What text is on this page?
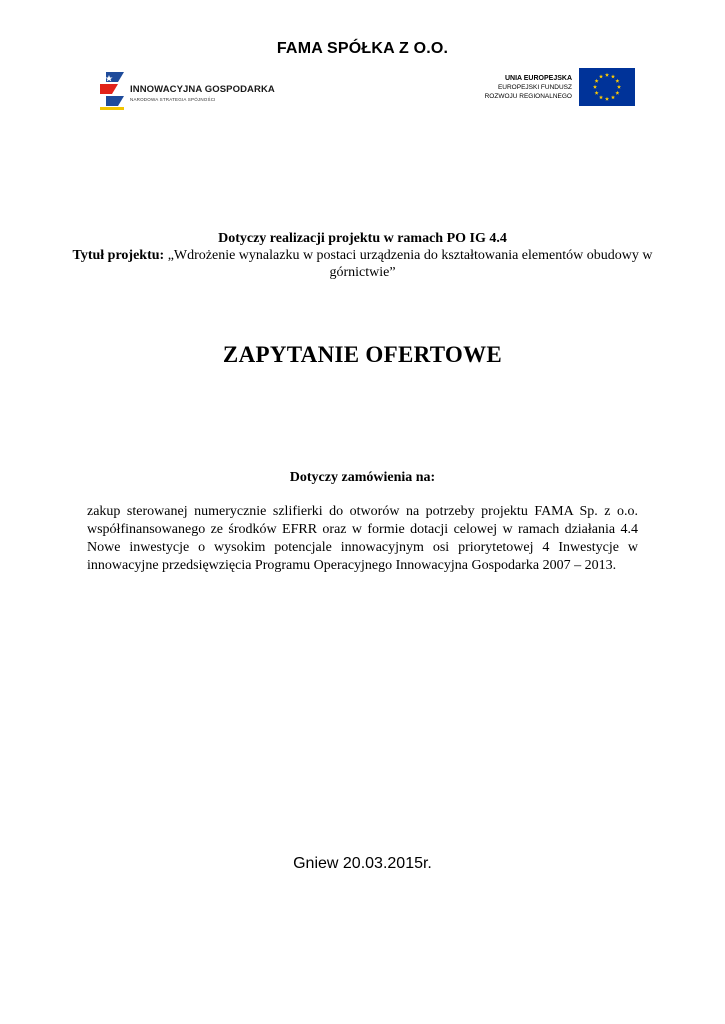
FAMA SPÓŁKA Z O.O.
INNOWACYJNA GOSPODARKA
NARODOWA STRATEGIA SPÓJNOŚCI
UNIA EUROPEJSKA
EUROPEJSKI FUNDUSZ
ROZWOJU REGIONALNEGO
Dotyczy realizacji projektu w ramach PO IG 4.4
Tytuł projektu: „Wdrożenie wynalazku w postaci urządzenia do kształtowania elementów obudowy w górnictwie”
ZAPYTANIE OFERTOWE
Dotyczy zamówienia na:
zakup sterowanej numerycznie szlifierki do otworów na potrzeby projektu FAMA Sp. z o.o. współfinansowanego ze środków EFRR oraz w formie dotacji celowej w ramach działania 4.4 Nowe inwestycje o wysokim potencjale innowacyjnym osi priorytetowej 4 Inwestycje w innowacyjne przedsięwzięcia Programu Operacyjnego Innowacyjna Gospodarka 2007 – 2013.
Gniew 20.03.2015r.
